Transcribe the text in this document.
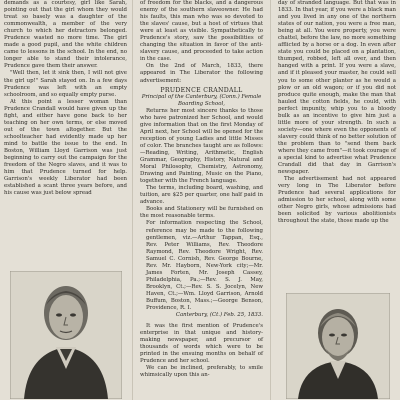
demands as a courtesy, girl like Sarah, pointing out that the girl whom they would treat so basely was a daughter of the commonwealth, a member of the very church to which her detractors belonged. Prudence wasted no more time. The girl made a good pupil, and the white children came to lessons in the school. In the end, no longer able to stand their intolerance, Prudence gave them their answer.

"Well then, let it sink then, I will not give the girl up!" Sarah stayed on. In a few days Prudence was left with an empty schoolroom, and so equally empty purse.

At this point a lesser woman than Prudence Crandall would have given up the fight, and either have gone back to her teaching on her own terms, or else moved out of the town altogether. But the schoolteacher had evidently made up her mind to battle the issue to the end. In Boston, William Lloyd Garrison was just beginning to carry out the campaign for the freedom of the Negro slaves, and it was to him that Prudence turned for help. Garrison's weekly Liberator had been established a scant three years before, and his cause was just below spread

of freedom for the blacks, and a dangerous enemy of the southern slaveowner. He had his faults, this man who was so devoted to the slaves' cause, but a host of virtues that were at least as visible. Sympathetically to Prudence's story, saw the possibilities of changing the situation in favor of the anti-slavery cause, and proceeded to take action in the case.

On the 2nd of March, 1833, there appeared in The Liberator the following advertisement:

PRUDENCE CRANDALL

Principal of the Canterbury, (Conn.) Female Boarding School,

Returns her most sincere thanks to those who have patronized her School, and would give information that on the first Monday of April next, her School will be opened for the reception of young Ladies and little Misses of color. The branches taught are as follows:—Reading, Writing, Arithmetic, English Grammar, Geography, History, Natural and Moral Philosophy, Chemistry, Astronomy, Drawing and Painting, Music on the Piano, together with the French language.

The terms, including board, washing, and tuition, are $25 per quarter, one half paid in advance.

Books and Stationery will be furnished on the most reasonable terms.

For information respecting the School, reference may be made to the following gentlemen, viz.—Arthur Tappan, Esq., Rev. Peter Williams, Rev. Theodore Raymond, Rev. Theodore Wright, Rev. Samuel C. Cornish, Rev. George Bourne, Rev. Mr. Hayborn, New-York city;—Mr. James Forten, Mr. Joseph Cassey, Philadelphia, Pa.;—Rev. S. J. May, Brooklyn, Ct.;—Rev. S. S. Jocelyn, New Haven, Ct.;—Wm. Lloyd Garrison, Arnold Buffum, Boston, Mass.;—George Benson, Providence, R. I.

Canterbury, (Ct.) Feb. 25, 1833.

It was the first mention of Prudence's enterprise in that unique and history-making newspaper, and precursor of thousands of words which were to be printed in the ensuing months on behalf of Prudence and her school.

We can be inclined, preferably, to smile whimsically upon this an-

day of stranded language. But that was in 1833. In that year, if you were a black man and you lived in any one of the northern states of our nation, you were a free man, being at all. You were property, you were chattel, before the law, no more something afflicted by a horse or a dog. In even after state you could be placed on a plantation, thumped, robbed, left all over, and then hanged with a print. If you were a slave, and if it pleased your master, he could sell you to some other planter as he would a plow or an old wagon; or if you did not produce quite enough, make the man that hauled the cotton fields, he could, with perfect impunity, whip you to a bloody bulk as an incentive to give him just a little more of your strength. In such a society—one where even the opponents of slavery could think of no better solution of the problem than to "send them back where they came from"—it took courage of a special kind to advertise what Prudence Crandall did that day in Garrison's newspaper.

The advertisement had not appeared very long in The Liberator before Prudence had several applications for admission to her school, along with some other Negro girls, whose admissions had been solicited by various abolitionists throughout the state, those made up the
